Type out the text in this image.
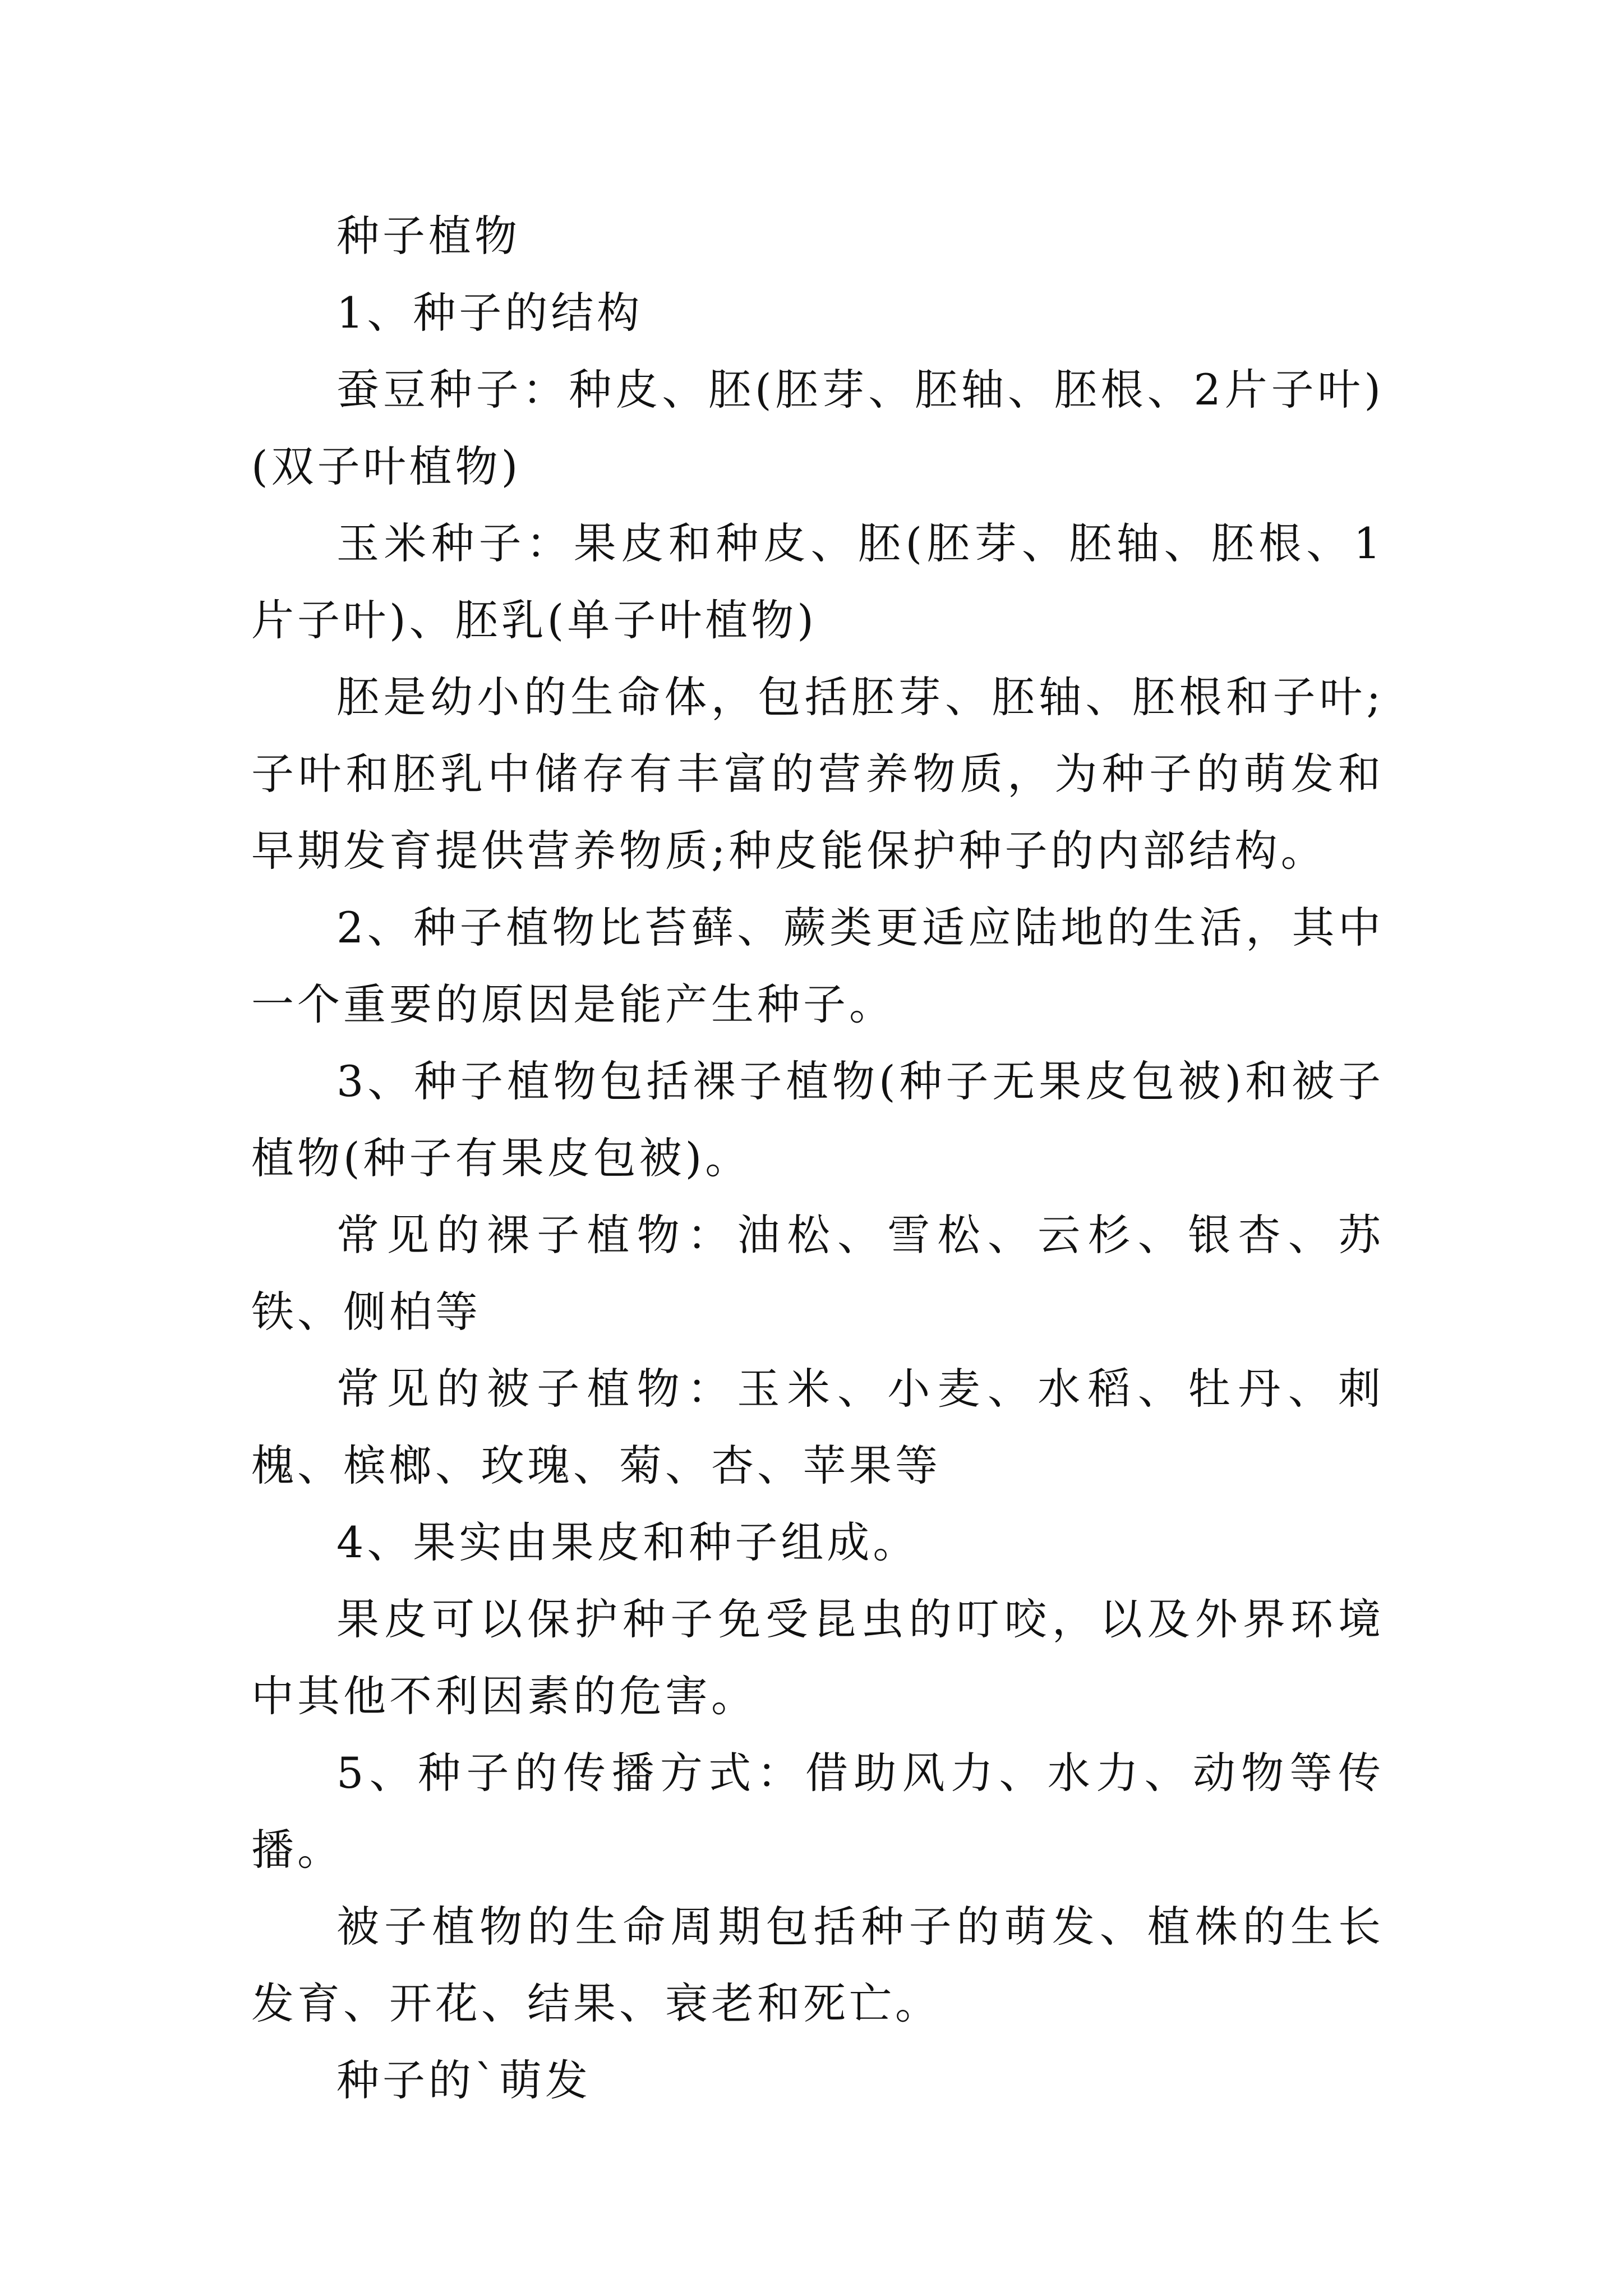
种子植物

1、种子的结构

蚕豆种子：种皮、胚(胚芽、胚轴、胚根、2片子叶)(双子叶植物)

玉米种子：果皮和种皮、胚(胚芽、胚轴、胚根、1片子叶)、胚乳(单子叶植物)

胚是幼小的生命体，包括胚芽、胚轴、胚根和子叶;子叶和胚乳中储存有丰富的营养物质，为种子的萌发和早期发育提供营养物质;种皮能保护种子的内部结构。

2、种子植物比苔藓、蕨类更适应陆地的生活，其中一个重要的原因是能产生种子。

3、种子植物包括裸子植物(种子无果皮包被)和被子植物(种子有果皮包被)。

常见的裸子植物：油松、雪松、云杉、银杏、苏铁、侧柏等

常见的被子植物：玉米、小麦、水稻、牡丹、刺槐、槟榔、玫瑰、菊、杏、苹果等

4、果实由果皮和种子组成。

果皮可以保护种子免受昆虫的叮咬，以及外界环境中其他不利因素的危害。

5、种子的传播方式：借助风力、水力、动物等传播。

被子植物的生命周期包括种子的萌发、植株的生长发育、开花、结果、衰老和死亡。

种子的`萌发
